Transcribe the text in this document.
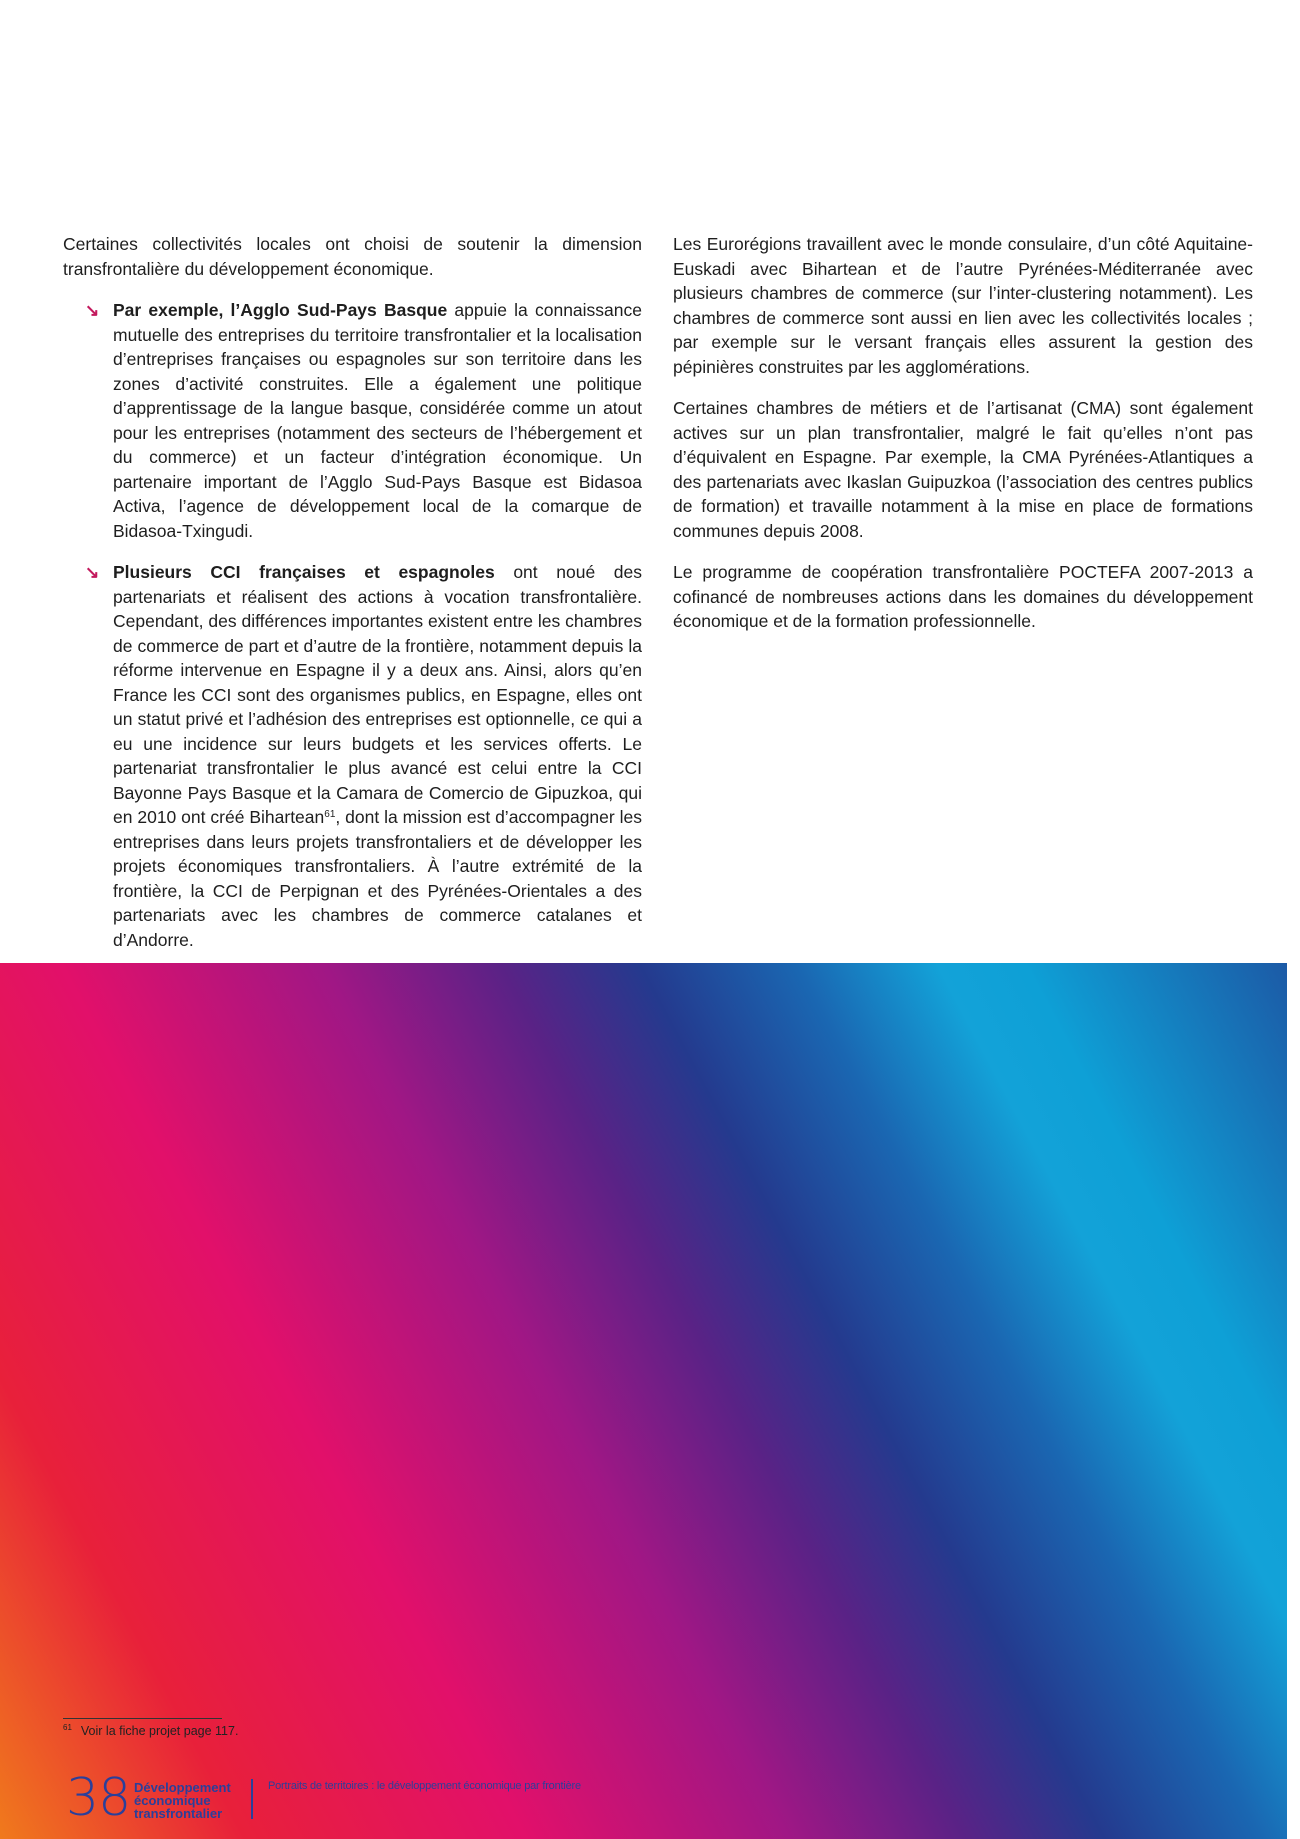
Certaines collectivités locales ont choisi de soutenir la dimension transfrontalière du développement économique.

↘ Par exemple, l’Agglo Sud-Pays Basque appuie la connaissance mutuelle des entreprises du territoire transfrontalier et la localisation d’entreprises françaises ou espagnoles sur son territoire dans les zones d’activité construites. Elle a également une politique d’apprentissage de la langue basque, considérée comme un atout pour les entreprises (notamment des secteurs de l’hébergement et du commerce) et un facteur d’intégration économique. Un partenaire important de l’Agglo Sud-Pays Basque est Bidasoa Activa, l’agence de développement local de la comarque de Bidasoa-Txingudi.
↘ Plusieurs CCI françaises et espagnoles ont noué des partenariats et réalisent des actions à vocation transfrontalière. Cependant, des différences importantes existent entre les chambres de commerce de part et d’autre de la frontière, notamment depuis la réforme intervenue en Espagne il y a deux ans. Ainsi, alors qu’en France les CCI sont des organismes publics, en Espagne, elles ont un statut privé et l’adhésion des entreprises est optionnelle, ce qui a eu une incidence sur leurs budgets et les services offerts. Le partenariat transfrontalier le plus avancé est celui entre la CCI Bayonne Pays Basque et la Camara de Comercio de Gipuzkoa, qui en 2010 ont créé Bihartean$^{61}$, dont la mission est d’accompagner les entreprises dans leurs projets transfrontaliers et de développer les projets économiques transfrontaliers. À l’autre extrémité de la frontière, la CCI de Perpignan et des Pyrénées-Orientales a des partenariats avec les chambres de commerce catalanes et d’Andorre.

Les Eurorégions travaillent avec le monde consulaire, d’un côté Aquitaine-Euskadi avec Bihartean et de l’autre Pyrénées-Méditerranée avec plusieurs chambres de commerce (sur l’inter-clustering notamment). Les chambres de commerce sont aussi en lien avec les collectivités locales ; par exemple sur le versant français elles assurent la gestion des pépinières construites par les agglomérations.

Certaines chambres de métiers et de l’artisanat (CMA) sont également actives sur un plan transfrontalier, malgré le fait qu’elles n’ont pas d’équivalent en Espagne. Par exemple, la CMA Pyrénées-Atlantiques a des partenariats avec Ikaslan Guipuzkoa (l’association des centres publics de formation) et travaille notamment à la mise en place de formations communes depuis 2008.

Le programme de coopération transfrontalière POCTEFA 2007-2013 a cofinancé de nombreuses actions dans les domaines du développement économique et de la formation professionnelle.

$^{61}$ Voir la fiche projet page 117.
38 Développement
économique
transfrontalier
Portraits de territoires : le développement économique par frontière
